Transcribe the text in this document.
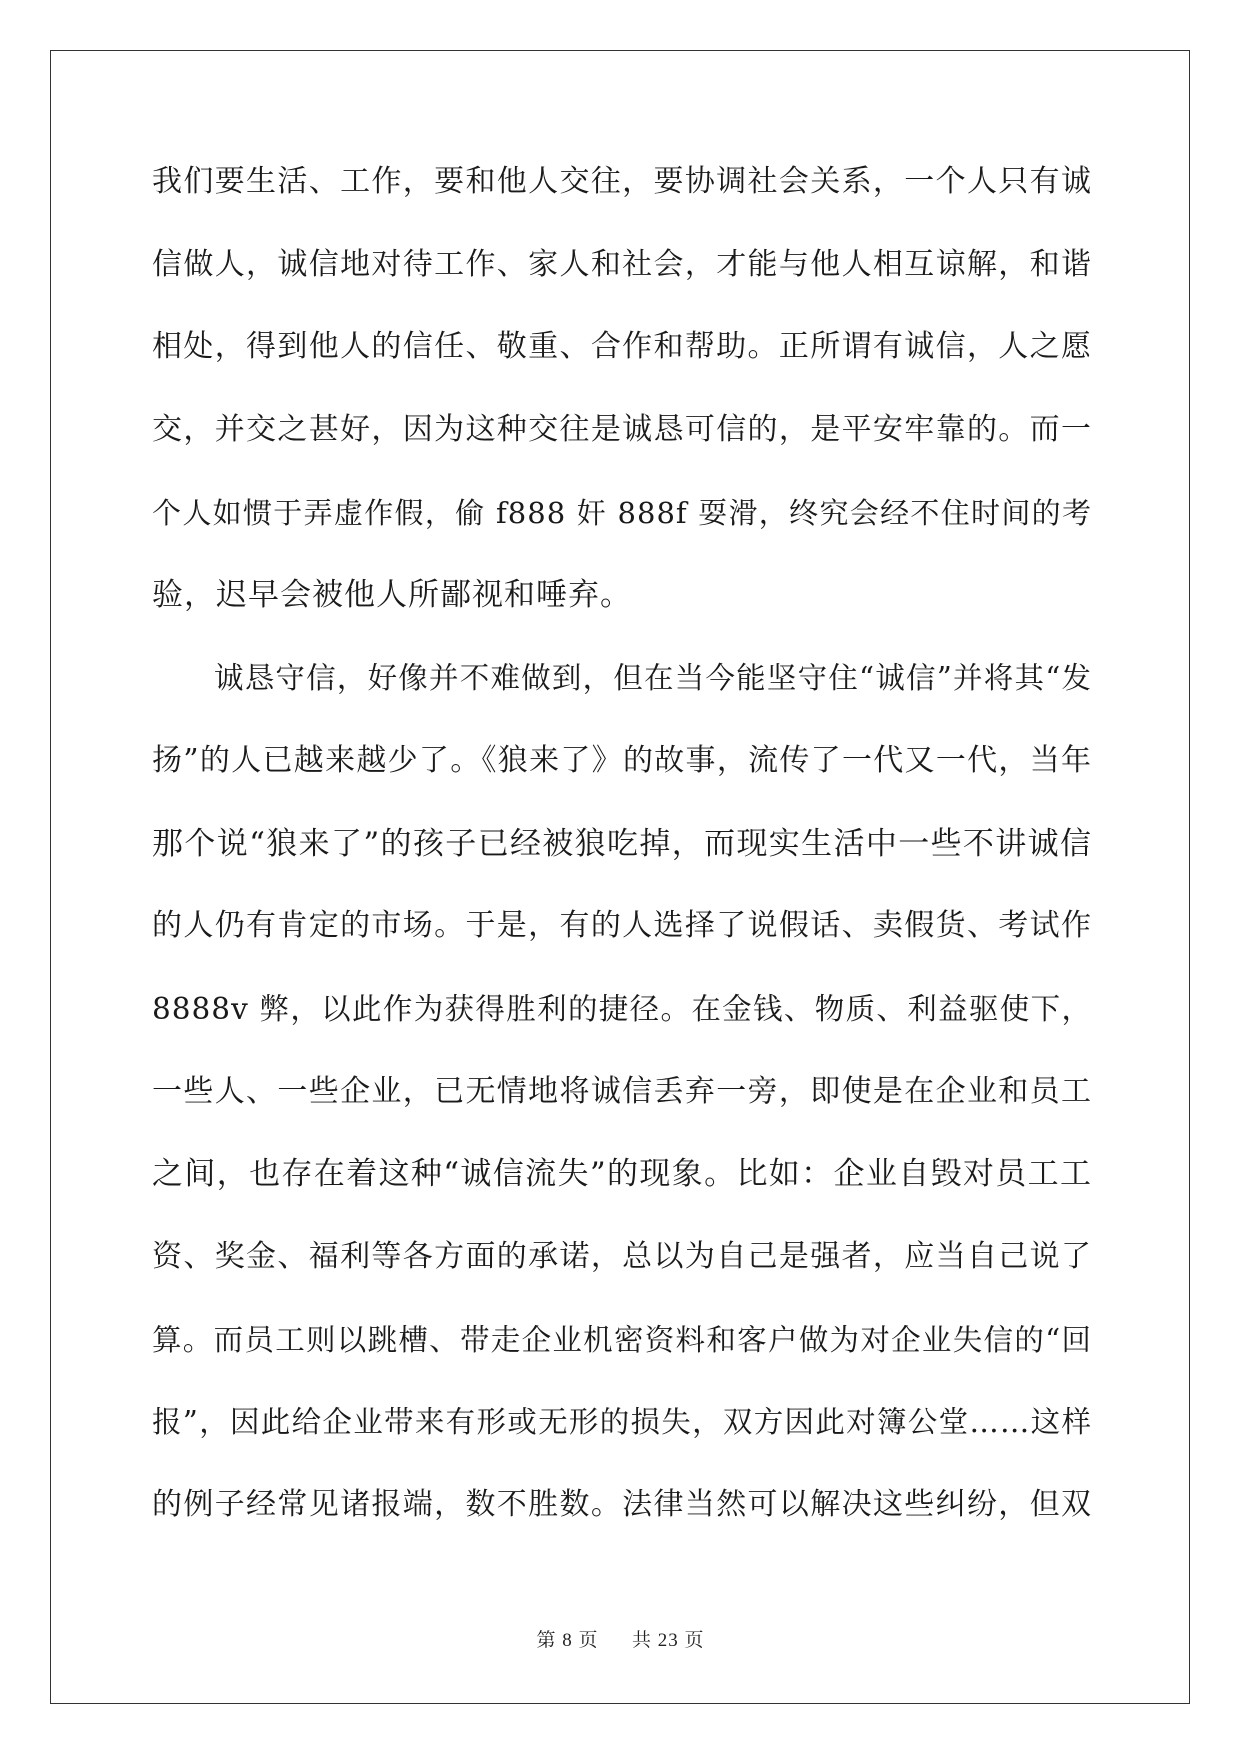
我们要生活、工作，要和他人交往，要协调社会关系，一个人只有诚
信做人，诚信地对待工作、家人和社会，才能与他人相互谅解，和谐
相处，得到他人的信任、敬重、合作和帮助。正所谓有诚信，人之愿
交，并交之甚好，因为这种交往是诚恳可信的，是平安牢靠的。而一
个人如惯于弄虚作假，偷 f888 奸 888f 耍滑，终究会经不住时间的考
验，迟早会被他人所鄙视和唾弃。
诚恳守信，好像并不难做到，但在当今能坚守住“诚信”并将其“发
扬”的人已越来越少了。《狼来了》的故事，流传了一代又一代，当年
那个说“狼来了”的孩子已经被狼吃掉，而现实生活中一些不讲诚信
的人仍有肯定的市场。于是，有的人选择了说假话、卖假货、考试作
8888v 弊，以此作为获得胜利的捷径。在金钱、物质、利益驱使下，
一些人、一些企业，已无情地将诚信丢弃一旁，即使是在企业和员工
之间，也存在着这种“诚信流失”的现象。比如：企业自毁对员工工
资、奖金、福利等各方面的承诺，总以为自己是强者，应当自己说了
算。而员工则以跳槽、带走企业机密资料和客户做为对企业失信的“回
报”，因此给企业带来有形或无形的损失，双方因此对簿公堂……这样
的例子经常见诸报端，数不胜数。法律当然可以解决这些纠纷，但双
第 8 页 共 23 页
